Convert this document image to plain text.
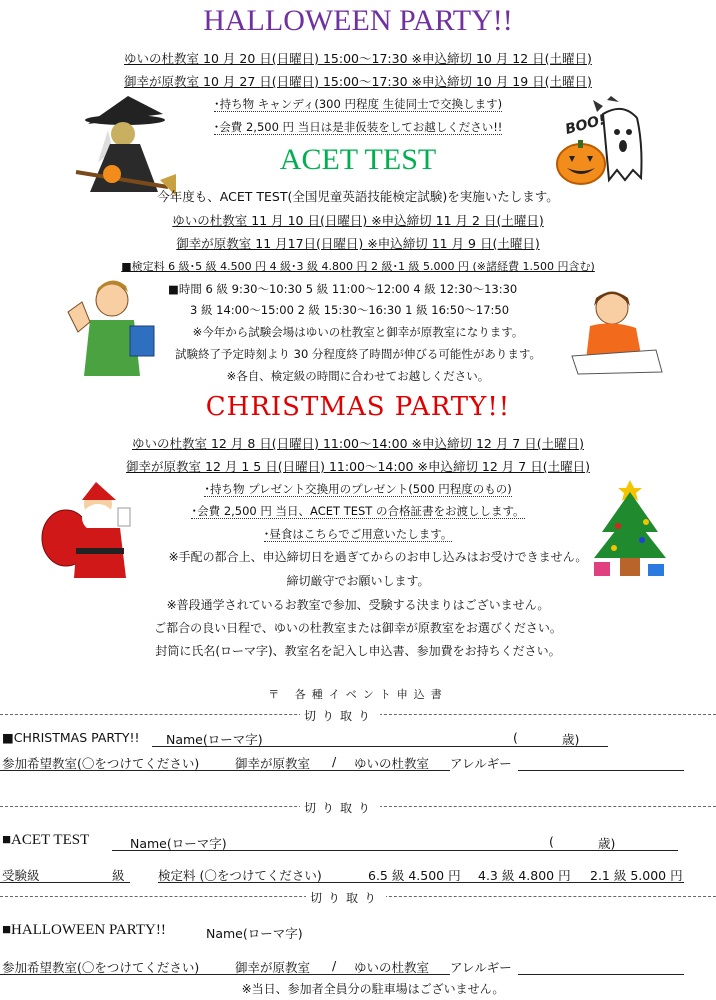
HALLOWEEN PARTY!!
ゆいの杜教室 10 月 20 日(日曜日) 15:00～17:30 ※申込締切 10 月 12 日(土曜日)
御幸が原教室 10 月 27 日(日曜日) 15:00～17:30 ※申込締切 10 月 19 日(土曜日)
･持ち物 キャンディ(300 円程度 生徒同士で交換します)
･会費 2,500 円 当日は是非仮装をしてお越しください!!	BOO!
ACET TEST
今年度も、ACET TEST(全国児童英語技能検定試験)を実施いたします。
ゆいの杜教室 11 月 10 日(日曜日) ※申込締切 11 月 2 日(土曜日)
御幸が原教室 11 月17日(日曜日) ※申込締切 11 月 9 日(土曜日)
■検定料 6 級･5 級 4.500 円 4 級･3 級 4.800 円 2 級･1 級 5.000 円 (※諸経費 1.500 円含む)
■時間 6 級 9:30～10:30 5 級 11:00～12:00 4 級 12:30～13:30
3 級 14:00～15:00 2 級 15:30～16:30 1 級 16:50～17:50
※今年から試験会場はゆいの杜教室と御幸が原教室になります。
試験終了予定時刻より 30 分程度終了時間が伸びる可能性があります。
※各自、検定級の時間に合わせてお越しください。
CHRISTMAS PARTY!!
ゆいの杜教室 12 月 8 日(日曜日) 11:00～14:00 ※申込締切 12 月 7 日(土曜日)
御幸が原教室 12 月 1 5 日(日曜日) 11:00～14:00 ※申込締切 12 月 7 日(土曜日)
･持ち物 プレゼント交換用のプレゼント(500 円程度のもの)
･会費 2,500 円 当日、ACET TEST の合格証書をお渡しします。
･昼食はこちらでご用意いたします。
※手配の都合上、申込締切日を過ぎてからのお申し込みはお受けできません。
締切厳守でお願いします。
※普段通学されているお教室で参加、受験する決まりはございません。
ご都合の良い日程で、ゆいの杜教室または御幸が原教室をお選びください。
封筒に氏名(ローマ字)、教室名を記入し申込書、参加費をお持ちください。
〒 各種イベント申込書
切り取り
■CHRISTMAS PARTY!! Name(ローマ字)	(	歳)
参加希望教室(〇をつけてください)	御幸が原教室 / ゆいの杜教室 アレルギー
切り取り
■ACET TEST	Name(ローマ字)	(	歳)
受験級	級	検定料 (〇をつけてください)	6.5 級 4.500 円 4.3 級 4.800 円 2.1 級 5.000 円
切り取り
■HALLOWEEN PARTY!!	Name(ローマ字)
参加希望教室(〇をつけてください)	御幸が原教室 / ゆいの杜教室 アレルギー
※当日、参加者全員分の駐車場はございません。
